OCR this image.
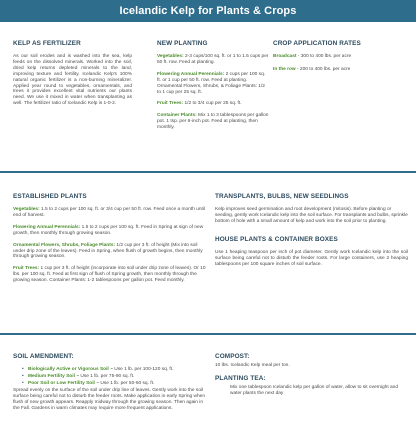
Icelandic Kelp for Plants & Crops
KELP AS FERTILIZER

As our soil erodes and is washed into the sea, kelp feeds on the dissolved minerals. Worked into the soil, dried kelp returns depleted minerals to the land, improving texture and fertility. Icelandic Kelp's 100% natural organic fertilizer is a non-burning mineralizer. Applied year round to vegetables, ornamentals, and trees it provides excellent vital nutrients our plants need. We use it mixed in water when transplanting as well. The fertilizer ratio of Icelandic Kelp is 1-0-2.

NEW PLANTING

Vegetables: 2-3 cups/100 sq. ft. or 1 to 1.5 cups per 50 ft. row. Feed at planting.

Flowering Annual Perennials: 2 cups per 100 sq. ft. or 1 cup per 50 ft. row. Feed at planting. Ornamental Flowers, Shrubs, & Foliage Plants: 1/2 to 1 cup per 25 sq. ft.

Fruit Trees: 1/2 to 3/4 cup per 25 sq. ft.

Container Plants: Mix 1 to 3 tablespoons per gallon pot. 1 tsp. per 6-inch pot. Feed at planting, then monthly.

CROP APPLICATION RATES

Broadcast - 300 to 400 lbs. per acre

In the row - 200 to 400 lbs. per acre

ESTABLISHED PLANTS

Vegetables: 1.5 to 2 cups per 100 sq. ft. or 3/4 cup per 50 ft. row. Feed once a month until end of harvest.

Flowering Annual Perennials: 1.5 to 2 cups per 100 sq. ft. Feed in Spring at sign of new growth, then monthly through growing season.

Ornamental Flowers, Shrubs, Foliage Plants: 1/2 cup per 3 ft. of height (Mix into soil under drip zone of the leaves). Feed in Spring, when flush of growth begins, then monthly through growing season.

Fruit Trees: 1 cup per 3 ft. of height (incorporate into soil under drip zone of leaves). Or 10 lbs. per 100 sq. ft. Feed at first sign of flush of Spring growth, then monthly through the growing season. Container Plants: 1-2 tablespoons per gallon pot. Feed monthly.

TRANSPLANTS, BULBS, NEW SEEDLINGS

Kelp improves seed germination and root development (mitosis). Before planting or seeding, gently work Icelandic kelp into the soil surface. For transplants and bulbs, sprinkle bottom of hole with a small amount of kelp and work into the soil prior to planting.

HOUSE PLANTS & CONTAINER BOXES

Use 1 heaping teaspoon per inch of pot diameter. Gently work Icelandic kelp into the soil surface being careful not to disturb the feeder roots. For large containers, use 2 heaping tablespoons per 100 square inches of soil surface.

SOIL AMENDMENT:
• Biologically Active or Vigorous Soil ~ Use 1 lb. per 100-120 sq. ft.
• Medium Fertility Soil ~ Use 1 lb. per 75-90 sq. ft.
• Poor Soil or Low Fertility Soil ~ Use 1 lb. per 50-60 sq. ft.

Spread evenly on the surface of the soil under drip line of leaves. Gently work into the soil surface being careful not to disturb the feeder roots. Make application in early Spring when flush of new growth appears. Reapply midway through the growing season. Then again in the Fall. Gardens in warm climates may require more frequent applications.

COMPOST:

10 lbs. Icelandic Kelp meal per ton.

PLANTING TEA:

Mix one tablespoon Icelandic kelp per gallon of water, allow to sit overnight and water plants the next day
